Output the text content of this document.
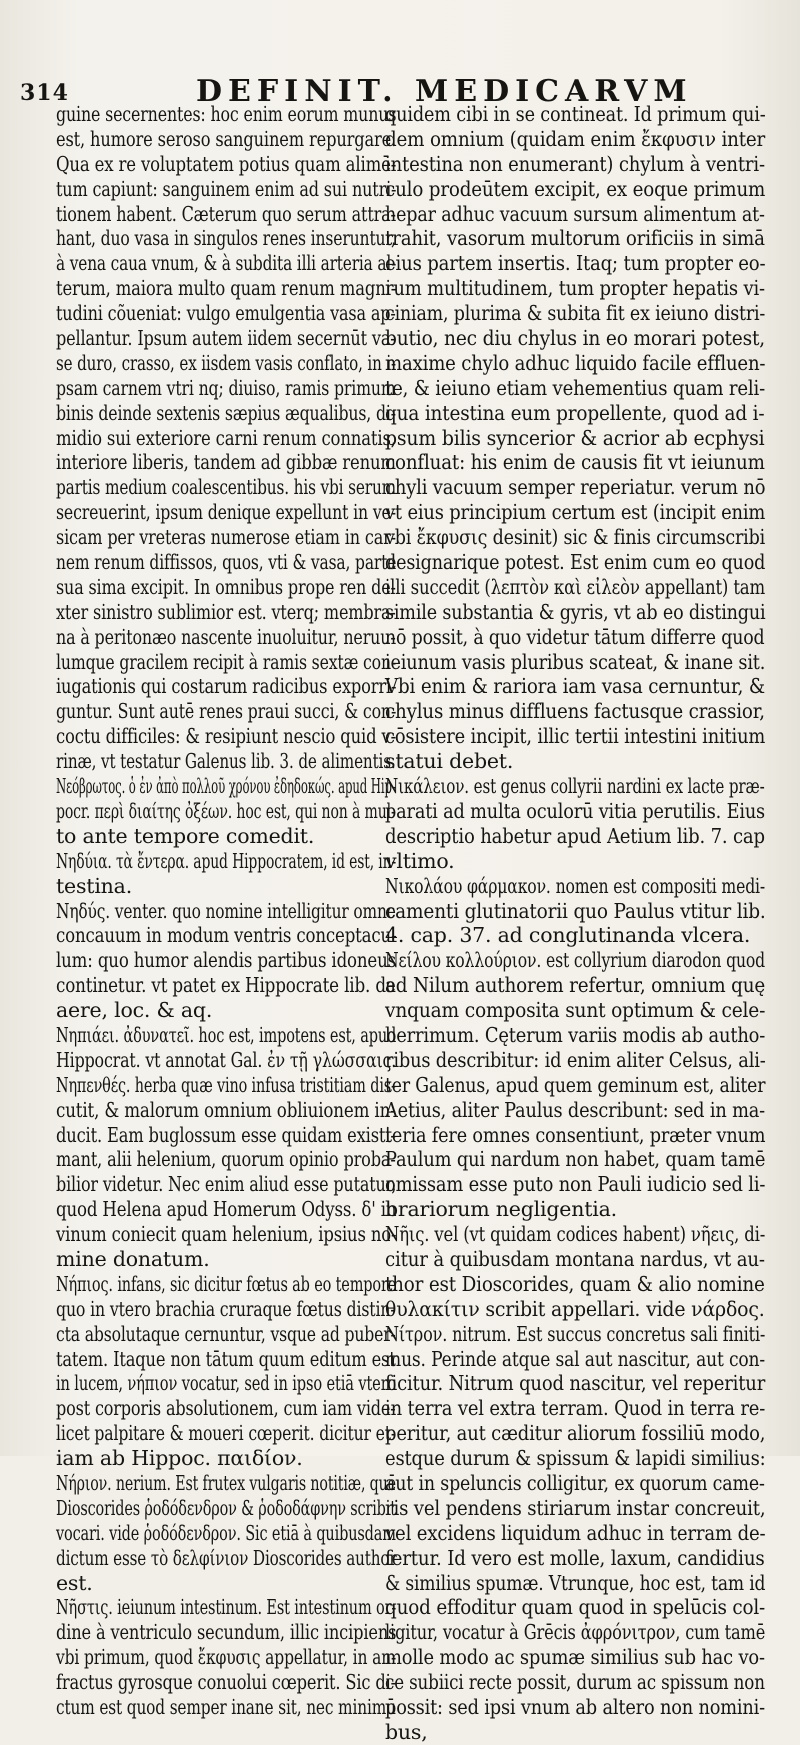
314	DEFINIT. MEDICARVM
guine secernentes: hoc enim eorum munus
est, humore seroso sanguinem repurgare.
Qua ex re voluptatem potius quam alimē-
tum capiunt: sanguinem enim ad sui nutri-
tionem habent. Cæterum quo serum attra-
hant, duo vasa in singulos renes inseruntur,
à vena caua vnum, & à subdita illi arteria al-
terum, maiora multo quam renum magni-
tudini cõueniat: vulgo emulgentia vasa ap-
pellantur. Ipsum autem iidem secernūt va-
se duro, crasso, ex iisdem vasis conflato, in i-
psam carnem vtri nq; diuiso, ramis primum
binis deinde sextenis sæpius æqualibus, di-
midio sui exteriore carni renum connatis,
interiore liberis, tandem ad gibbæ renum
partis medium coalescentibus. his vbi serum
secreuerint, ipsum denique expellunt in ve-
sicam per vreteras numerose etiam in car-
nem renum diffissos, quos, vti & vasa, parte
sua sima excipit. In omnibus prope ren de-
xter sinistro sublimior est. vterq; membra-
na à peritonæo nascente inuoluitur, neruu-
lumque gracilem recipit à ramis sextæ con-
iugationis qui costarum radicibus exporri-
guntur. Sunt autē renes praui succi, & con-
coctu difficiles: & resipiunt nescio quid v-
rinæ, vt testatur Galenus lib. 3. de alimentis.
Νεόβρωτος. ὁ ἐν ἀπὸ πολλοῦ χρόνου ἐδηδοκώς. apud Hip-
pocr. περὶ διαίτης ὀξέων. hoc est, qui non à mul-
to ante tempore comedit.
Νηδύια. τὰ ἔντερα. apud Hippocratem, id est, in-
testina.
Νηδύς. venter. quo nomine intelligitur omne
concauum in modum ventris conceptacu-
lum: quo humor alendis partibus idoneus
continetur. vt patet ex Hippocrate lib. de
aere, loc. & aq.
Νηπιάει. ἀδυνατεῖ. hoc est, impotens est, apud
Hippocrat. vt annotat Gal. ἐν τῇ γλώσσαις.
Νηπενθές. herba quæ vino infusa tristitiam dis-
cutit, & malorum omnium obliuionem in-
ducit. Eam buglossum esse quidam existi-
mant, alii helenium, quorum opinio proba-
bilior videtur. Nec enim aliud esse putatur,
quod Helena apud Homerum Odyss. δ' in
vinum coniecit quam helenium, ipsius no-
mine donatum.
Νήπιος. infans, sic dicitur fœtus ab eo tempore
quo in vtero brachia cruraque fœtus distin-
cta absolutaque cernuntur, vsque ad puber-
tatem. Itaque non tātum quum editum est
in lucem, νήπιον vocatur, sed in ipso etiā vtero
post corporis absolutionem, cum iam vide-
licet palpitare & moueri cœperit. dicitur et-
iam ab Hippoc. παιδίον.
Νήριον. nerium. Est frutex vulgaris notitiæ, quē
Dioscorides ῥοδόδενδρον & ῥοδοδάφνην scribit
vocari. vide ῥοδόδενδρον. Sic etiā à quibusdam
dictum esse τὸ δελφίνιον Dioscorides author
est.
Νῆστις. ieiunum intestinum. Est intestinum or-
dine à ventriculo secundum, illic incipiens
vbi primum, quod ἔκφυσις appellatur, in an-
fractus gyrosque conuolui cœperit. Sic di-
ctum est quod semper inane sit, nec minimū
quidem cibi in se contineat. Id primum qui-
dem omnium (quidam enim ἔκφυσιν inter
intestina non enumerant) chylum à ventri-
culo prodeūtem excipit, ex eoque primum
hepar adhuc vacuum sursum alimentum at-
trahit, vasorum multorum orificiis in simā
eius partem insertis. Itaq; tum propter eo-
rum multitudinem, tum propter hepatis vi-
ciniam, plurima & subita fit ex ieiuno distri-
butio, nec diu chylus in eo morari potest,
maxime chylo adhuc liquido facile effluen-
te, & ieiuno etiam vehementius quam reli-
qua intestina eum propellente, quod ad i-
psum bilis syncerior & acrior ab ecphysi
confluat: his enim de causis fit vt ieiunum
chyli vacuum semper reperiatur. verum nō
vt eius principium certum est (incipit enim
vbi ἔκφυσις desinit) sic & finis circumscribi
designarique potest. Est enim cum eo quod
illi succedit (λεπτὸν καὶ εἰλεὸν appellant) tam
simile substantia & gyris, vt ab eo distingui
nō possit, à quo videtur tātum differre quod
ieiunum vasis pluribus scateat, & inane sit.
Vbi enim & rariora iam vasa cernuntur, &
chylus minus diffluens factusque crassior,
cōsistere incipit, illic tertii intestini initium
statui debet.
Νικάλειον. est genus collyrii nardini ex lacte præ-
parati ad multa oculorū vitia perutilis. Eius
descriptio habetur apud Aetium lib. 7. cap
vltimo.
Νικολάου φάρμακον. nomen est compositi medi-
camenti glutinatorii quo Paulus vtitur lib.
4. cap. 37. ad conglutinanda vlcera.
Νείλου κολλούριον. est collyrium diarodon quod
ad Nilum authorem refertur, omnium quę
vnquam composita sunt optimum & cele-
berrimum. Cęterum variis modis ab autho-
ribus describitur: id enim aliter Celsus, ali-
ter Galenus, apud quem geminum est, aliter
Aetius, aliter Paulus describunt: sed in ma-
teria fere omnes consentiunt, præter vnum
Paulum qui nardum non habet, quam tamē
omissam esse puto non Pauli iudicio sed li-
brariorum negligentia.
Νῆις. vel (vt quidam codices habent) νῆεις, di-
citur à quibusdam montana nardus, vt au-
thor est Dioscorides, quam & alio nomine
θυλακίτιν scribit appellari. vide νάρδος.
Νίτρον. nitrum. Est succus concretus sali finiti-
mus. Perinde atque sal aut nascitur, aut con-
ficitur. Nitrum quod nascitur, vel reperitur
in terra vel extra terram. Quod in terra re-
peritur, aut cæditur aliorum fossiliū modo,
estque durum & spissum & lapidi similius:
aut in speluncis colligitur, ex quorum came-
ris vel pendens stiriarum instar concreuit,
vel excidens liquidum adhuc in terram de-
fertur. Id vero est molle, laxum, candidius
& similius spumæ. Vtrunque, hoc est, tam id
quod effoditur quam quod in spelūcis col-
ligitur, vocatur à Grēcis ἀφρόνιτρον, cum tamē
molle modo ac spumæ similius sub hac vo-
ce subiici recte possit, durum ac spissum non
possit: sed ipsi vnum ab altero non nomini-
bus,
